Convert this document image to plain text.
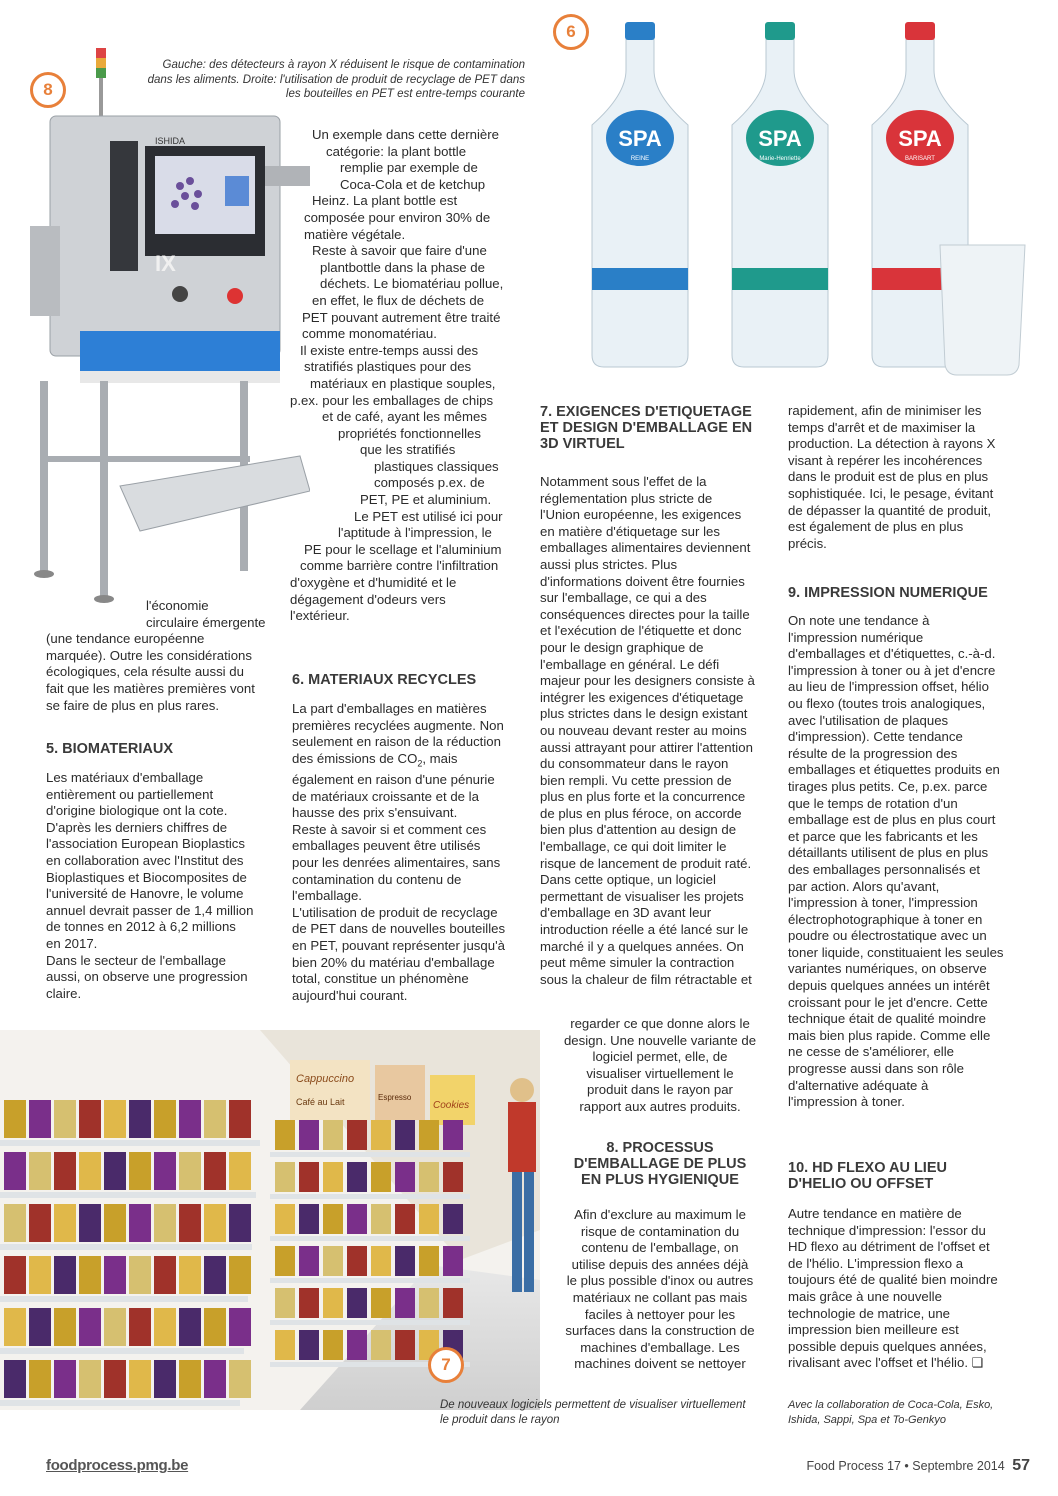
ISHIDA
IX
SPA
REINE
SPA
Marie-Henriette
SPA
BARISART
Cappuccino
Café au Lait	Espresso
Cookies
8
6
7
Gauche: des détecteurs à rayon X réduisent le risque de contamination
dans les aliments. Droite: l'utilisation de produit de recyclage de PET dans
les bouteilles en PET est entre-temps courante
Un exemple dans cette dernière
catégorie: la plant bottle
remplie par exemple de
Coca-Cola et de ketchup
Heinz. La plant bottle est
composée pour environ 30% de
matière végétale.
Reste à savoir que faire d'une
plantbottle dans la phase de
déchets. Le biomatériau pollue,
en effet, le flux de déchets de
PET pouvant autrement être traité
comme monomatériau.
Il existe entre-temps aussi des
stratifiés plastiques pour des
matériaux en plastique souples,
p.ex. pour les emballages de chips
et de café, ayant les mêmes
propriétés fonctionnelles
que les stratifiés
plastiques classiques
composés p.ex. de
PET, PE et aluminium.
Le PET est utilisé ici pour
l'aptitude à l'impression, le
PE pour le scellage et l'aluminium
comme barrière contre l'infiltration
d'oxygène et d'humidité et le
dégagement d'odeurs vers
l'extérieur.
l'économie
circulaire émergente
(une tendance européenne
marquée). Outre les considérations
écologiques, cela résulte aussi du
fait que les matières premières vont
se faire de plus en plus rares.
5. BIOMATERIAUX
Les matériaux d'emballage
entièrement ou partiellement
d'origine biologique ont la cote.
D'après les derniers chiffres de
l'association European Bioplastics
en collaboration avec l'Institut des
Bioplastiques et Biocomposites de
l'université de Hanovre, le volume
annuel devrait passer de 1,4 million
de tonnes en 2012 à 6,2 millions
en 2017.
Dans le secteur de l'emballage
aussi, on observe une progression
claire.
6. MATERIAUX RECYCLES

La part d'emballages en matières

premières recyclées augmente. Non

seulement en raison de la réduction

des émissions de $CO_2$, mais

également en raison d'une pénurie
de matériaux croissante et de la
hausse des prix s'ensuivant.
Reste à savoir si et comment ces
emballages peuvent être utilisés
pour les denrées alimentaires, sans
contamination du contenu de
l'emballage.
L'utilisation de produit de recyclage
de PET dans de nouvelles bouteilles
en PET, pouvant représenter jusqu'à
bien 20% du matériau d'emballage
total, constitue un phénomène
aujourd'hui courant.
7. EXIGENCES D'ETIQUETAGE
ET DESIGN D'EMBALLAGE EN
3D VIRTUEL
Notamment sous l'effet de la
réglementation plus stricte de
l'Union européenne, les exigences
en matière d'étiquetage sur les
emballages alimentaires deviennent
aussi plus strictes. Plus
d'informations doivent être fournies
sur l'emballage, ce qui a des
conséquences directes pour la taille
et l'exécution de l'étiquette et donc
pour le design graphique de
l'emballage en général. Le défi
majeur pour les designers consiste à
intégrer les exigences d'étiquetage
plus strictes dans le design existant
ou nouveau devant rester au moins
aussi attrayant pour attirer l'attention
du consommateur dans le rayon
bien rempli. Vu cette pression de
plus en plus forte et la concurrence
de plus en plus féroce, on accorde
bien plus d'attention au design de
l'emballage, ce qui doit limiter le
risque de lancement de produit raté.
Dans cette optique, un logiciel
permettant de visualiser les projets
d'emballage en 3D avant leur
introduction réelle a été lancé sur le
marché il y a quelques années. On
peut même simuler la contraction
sous la chaleur de film rétractable et
regarder ce que donne alors le
design. Une nouvelle variante de
logiciel permet, elle, de
visualiser virtuellement le
produit dans le rayon par
rapport aux autres produits.
8. PROCESSUS
D'EMBALLAGE DE PLUS
EN PLUS HYGIENIQUE
Afin d'exclure au maximum le
risque de contamination du
contenu de l'emballage, on
utilise depuis des années déjà
le plus possible d'inox ou autres
matériaux ne collant pas mais
faciles à nettoyer pour les
surfaces dans la construction de
machines d'emballage. Les
machines doivent se nettoyer
rapidement, afin de minimiser les
temps d'arrêt et de maximiser la
production. La détection à rayons X
visant à repérer les incohérences
dans le produit est de plus en plus
sophistiquée. Ici, le pesage, évitant
de dépasser la quantité de produit,
est également de plus en plus
précis.
9. IMPRESSION NUMERIQUE
On note une tendance à
l'impression numérique
d'emballages et d'étiquettes, c.-à-d.
l'impression à toner ou à jet d'encre
au lieu de l'impression offset, hélio
ou flexo (toutes trois analogiques,
avec l'utilisation de plaques
d'impression). Cette tendance
résulte de la progression des
emballages et étiquettes produits en
tirages plus petits. Ce, p.ex. parce
que le temps de rotation d'un
emballage est de plus en plus court
et parce que les fabricants et les
détaillants utilisent de plus en plus
des emballages personnalisés et
par action. Alors qu'avant,
l'impression à toner, l'impression
électrophotographique à toner en
poudre ou électrostatique avec un
toner liquide, constituaient les seules
variantes numériques, on observe
depuis quelques années un intérêt
croissant pour le jet d'encre. Cette
technique était de qualité moindre
mais bien plus rapide. Comme elle
ne cesse de s'améliorer, elle
progresse aussi dans son rôle
d'alternative adéquate à
l'impression à toner.
10. HD FLEXO AU LIEU
D'HELIO OU OFFSET
Autre tendance en matière de
technique d'impression: l'essor du
HD flexo au détriment de l'offset et
de l'hélio. L'impression flexo a
toujours été de qualité bien moindre
mais grâce à une nouvelle
technologie de matrice, une
impression bien meilleure est
possible depuis quelques années,
rivalisant avec l'offset et l'hélio. ❏
Avec la collaboration de Coca-Cola, Esko,
Ishida, Sappi, Spa et To-Genkyo
De nouveaux logiciels permettent de visualiser virtuellement
le produit dans le rayon
foodprocess.pmg.be	Food Process 17 • Septembre 2014 57
